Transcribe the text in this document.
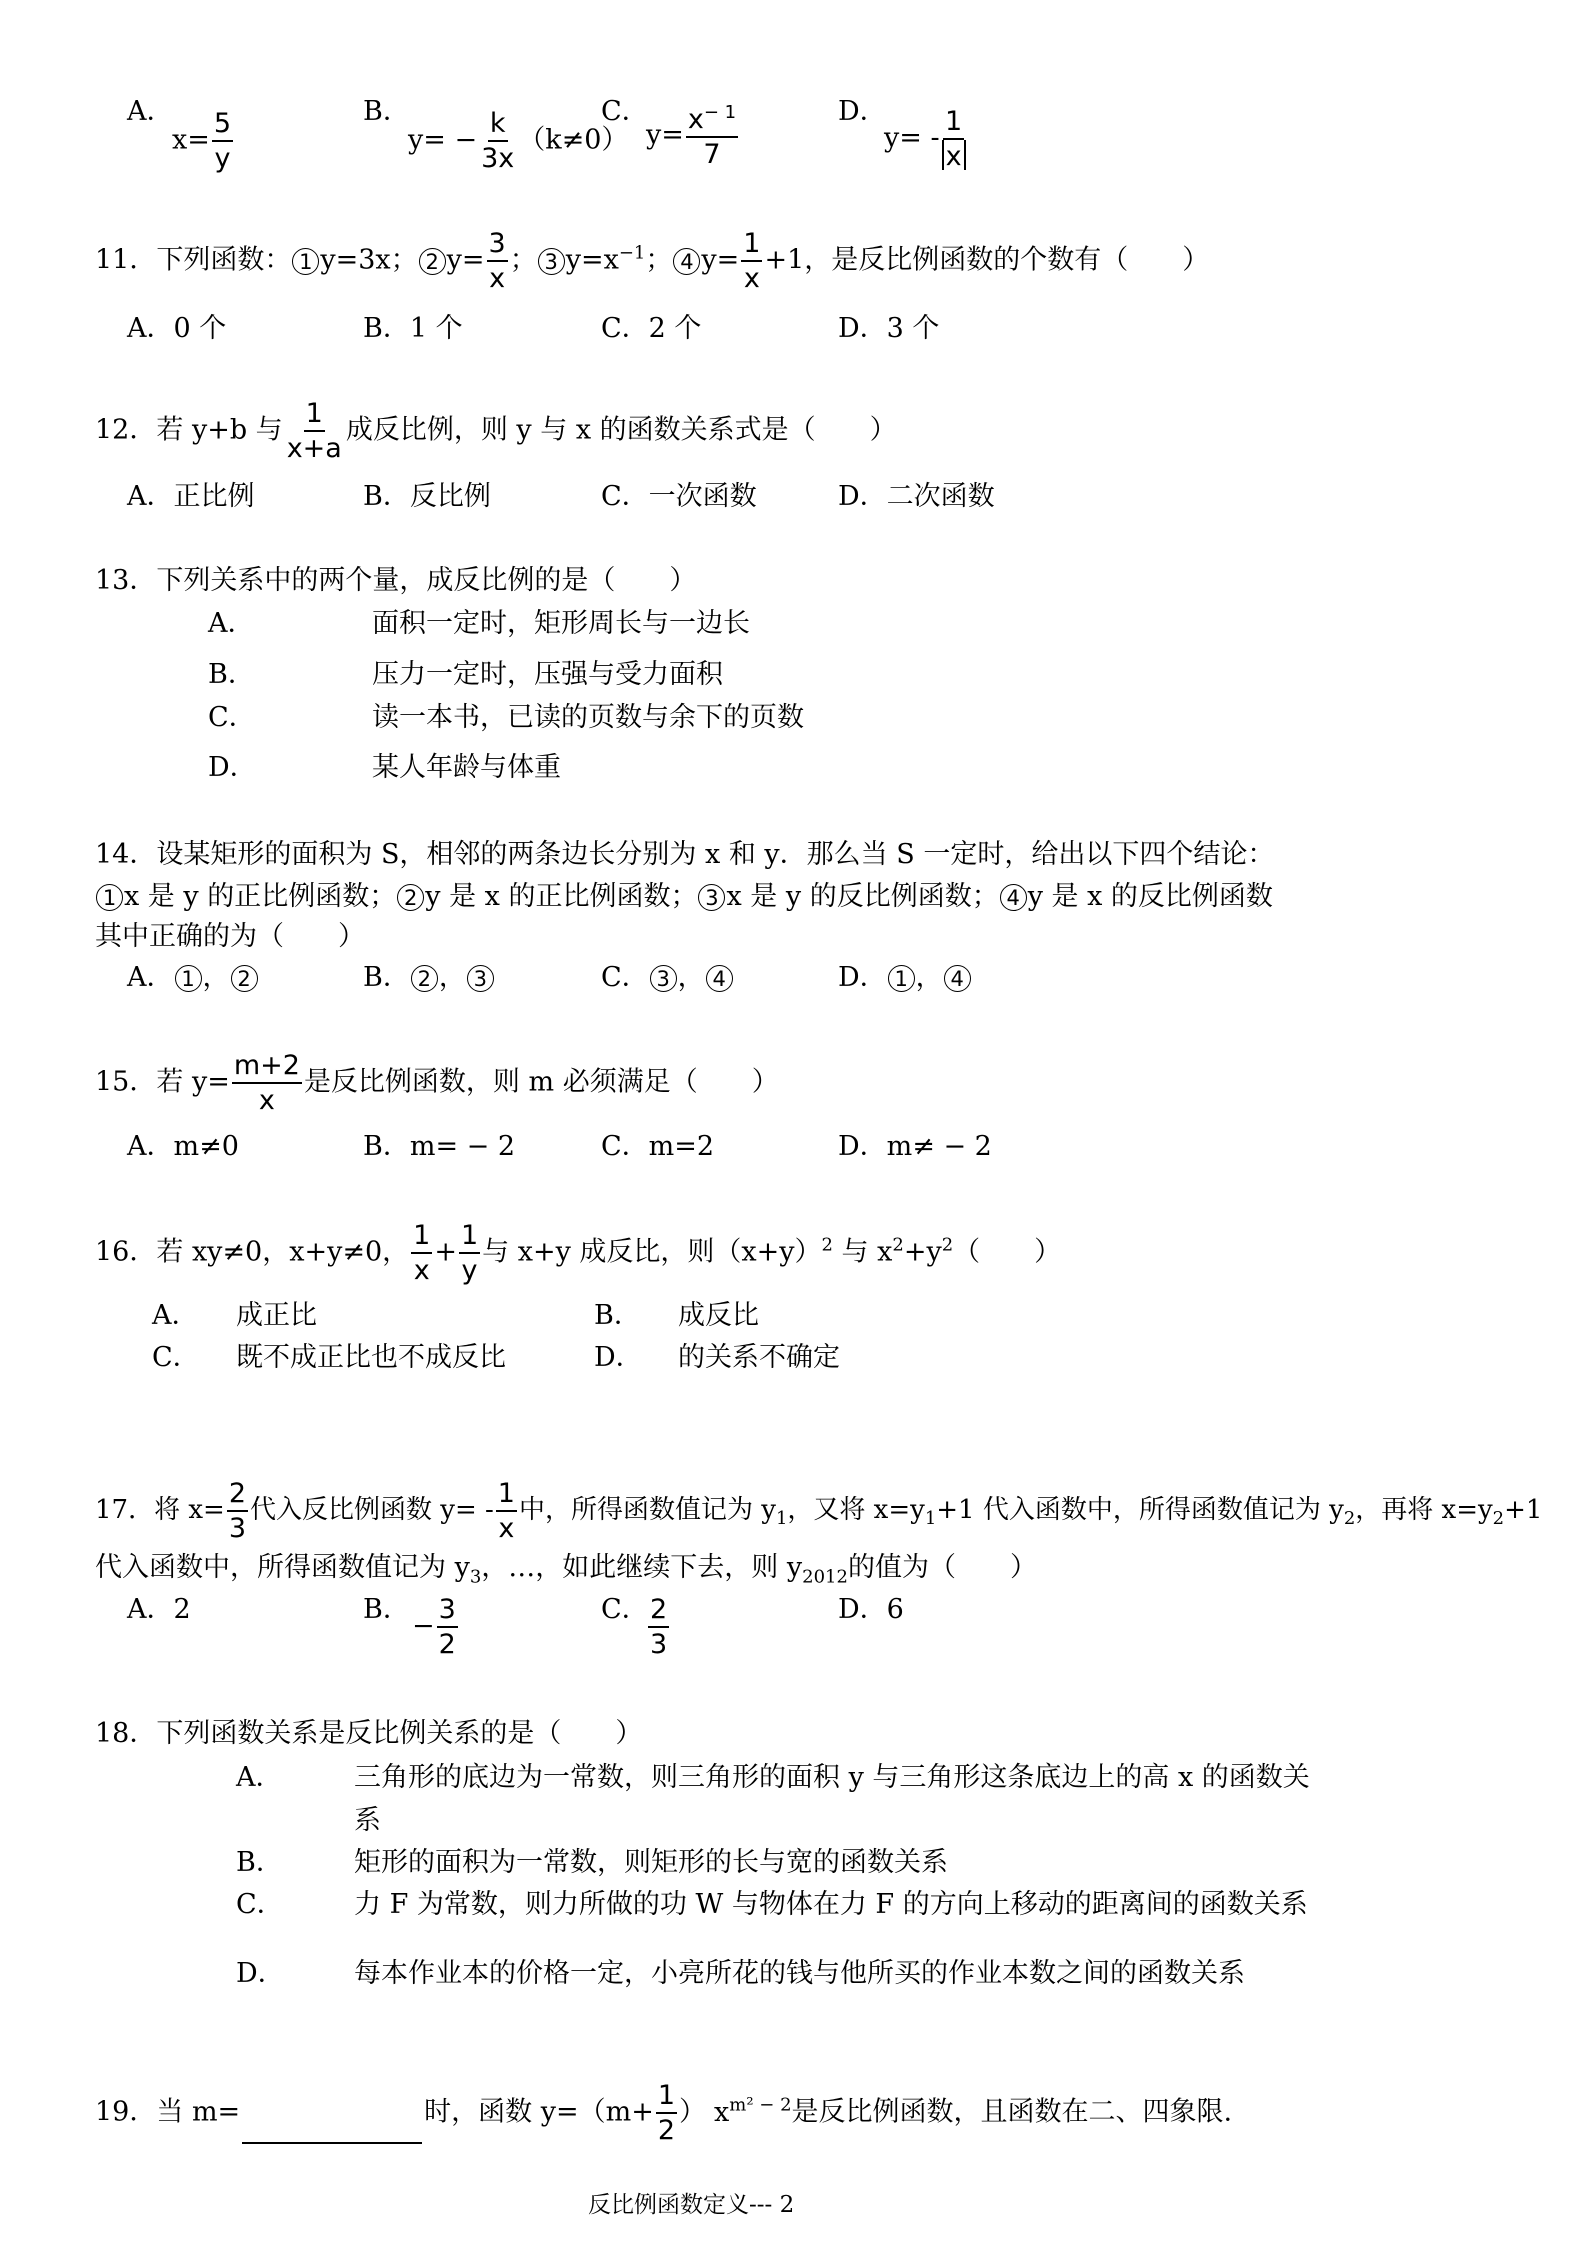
A．
$x= \frac{5}{y}$	B．
$y= - \frac{k}{3x} (k\ne 0)$
C．
$y= \frac{x^{- 1}}{7}$	D．
$y= - \frac{1}{x}$
11．下列函数： 1 y=3x； 2 $y= \frac{3}{x}$ ； 3 $y=x^{-1}$； 4 $y= \frac{1}{x} +1$，是反比例函数的个数有（　　）
A．0 个	B．1 个	C．2 个	D．3 个
12．若 y+b 与 $\frac{1}{x+a}$ 成反比例，则 y 与 x 的函数关系式是（　　）
A．正比例	B．反比例	C．一次函数	D．二次函数
13．下列关系中的两个量，成反比例的是（　　）
A．	面积一定时，矩形周长与一边长
B．	压力一定时，压强与受力面积
C．	读一本书，已读的页数与余下的页数
D．	某人年龄与体重
14．设某矩形的面积为 S，相邻的两条边长分别为 x 和 y．那么当 S 一定时，给出以下四个结论：
1 x 是 y 的正比例函数； 2 y 是 x 的正比例函数； 3 x 是 y 的反比例函数； 4 y 是 x 的反比例函数
其中正确的为（　　）
A． 1 ， 2	B． 2 ， 3	C． 3 ， 4	D． 1 ， 4
15．若 $y= \frac{m+2}{x}$ 是反比例函数，则 m 必须满足（　　）
A．m≠0	B．m= − 2	C．m=2	D．m≠ − 2
16．若 xy≠0，x+y≠0， $\frac{1}{x} + \frac{1}{y}$ 与 x+y 成反比，则$(x+y)^2$ 与 $x^2+y^2$（　　）
A． 成正比	B． 成反比
C． 既不成正比也不成反比	D． 的关系不确定
17．将 $x= \frac{2}{3}$ 代入反比例函数 $y= - \frac{1}{x}$ 中，所得函数值记为 $y_1$，又将 $x=y_1+1$ 代入函数中，所得函数值记为 $y_2$，再将 $x=y_2+1$
代入函数中，所得函数值记为 $y_3$，…，如此继续下去，则 $y_{2012}$的值为（　　）
A．2	B．
− $\frac{3}{2}$	C． $\frac{2}{3}$	D．6
18．下列函数关系是反比例关系的是（　　）
A．	三角形的底边为一常数，则三角形的面积 y 与三角形这条底边上的高 x 的函数关
系
B．	矩形的面积为一常数，则矩形的长与宽的函数关系
C．	力 F 为常数，则力所做的功 W 与物体在力 F 的方向上移动的距离间的函数关系
D．	每本作业本的价格一定，小亮所花的钱与他所买的作业本数之间的函数关系
19．当 m=	时，函数 $y=(m+ \frac{1}{2}$ ） $x^{m^2 - 2}$是反比例函数，且函数在二、四象限.
反比例函数定义--- 2
